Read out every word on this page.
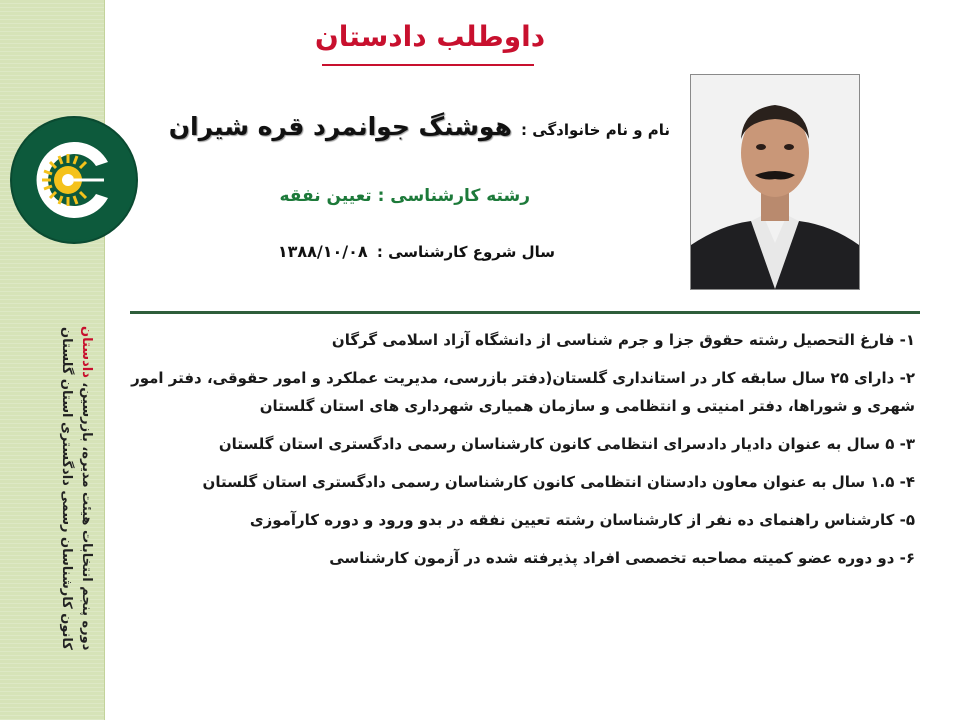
دوره پنجم انتخابات هیئت مدیره، بازرسین، دادستان
کانون کارشناسان رسمی دادگستری استان گلستان
داوطلب دادستان
نام و نام خانوادگی : هوشنگ جوانمرد قره شیران
رشته کارشناسی : تعیین نفقه
سال شروع کارشناسی : ۱۳۸۸/۱۰/۰۸
۱- فارغ التحصیل رشته حقوق جزا و جرم شناسی از دانشگاه آزاد اسلامی گرگان
۲- دارای ۲۵ سال سابقه کار در استانداری گلستان(دفتر بازرسی، مدیریت عملکرد و امور حقوقی، دفتر امور شهری و شوراها، دفتر امنیتی و انتظامی و سازمان همیاری شهرداری های استان گلستان
۳- ۵ سال به عنوان دادیار دادسرای انتظامی کانون کارشناسان رسمی دادگستری استان گلستان
۴- ۱.۵ سال به عنوان معاون دادستان انتظامی کانون کارشناسان رسمی دادگستری استان گلستان
۵- کارشناس راهنمای ده نفر از کارشناسان رشته تعیین نفقه در بدو ورود و دوره کارآموزی
۶- دو دوره عضو کمیته مصاحبه تخصصی افراد پذیرفته شده در آزمون کارشناسی
